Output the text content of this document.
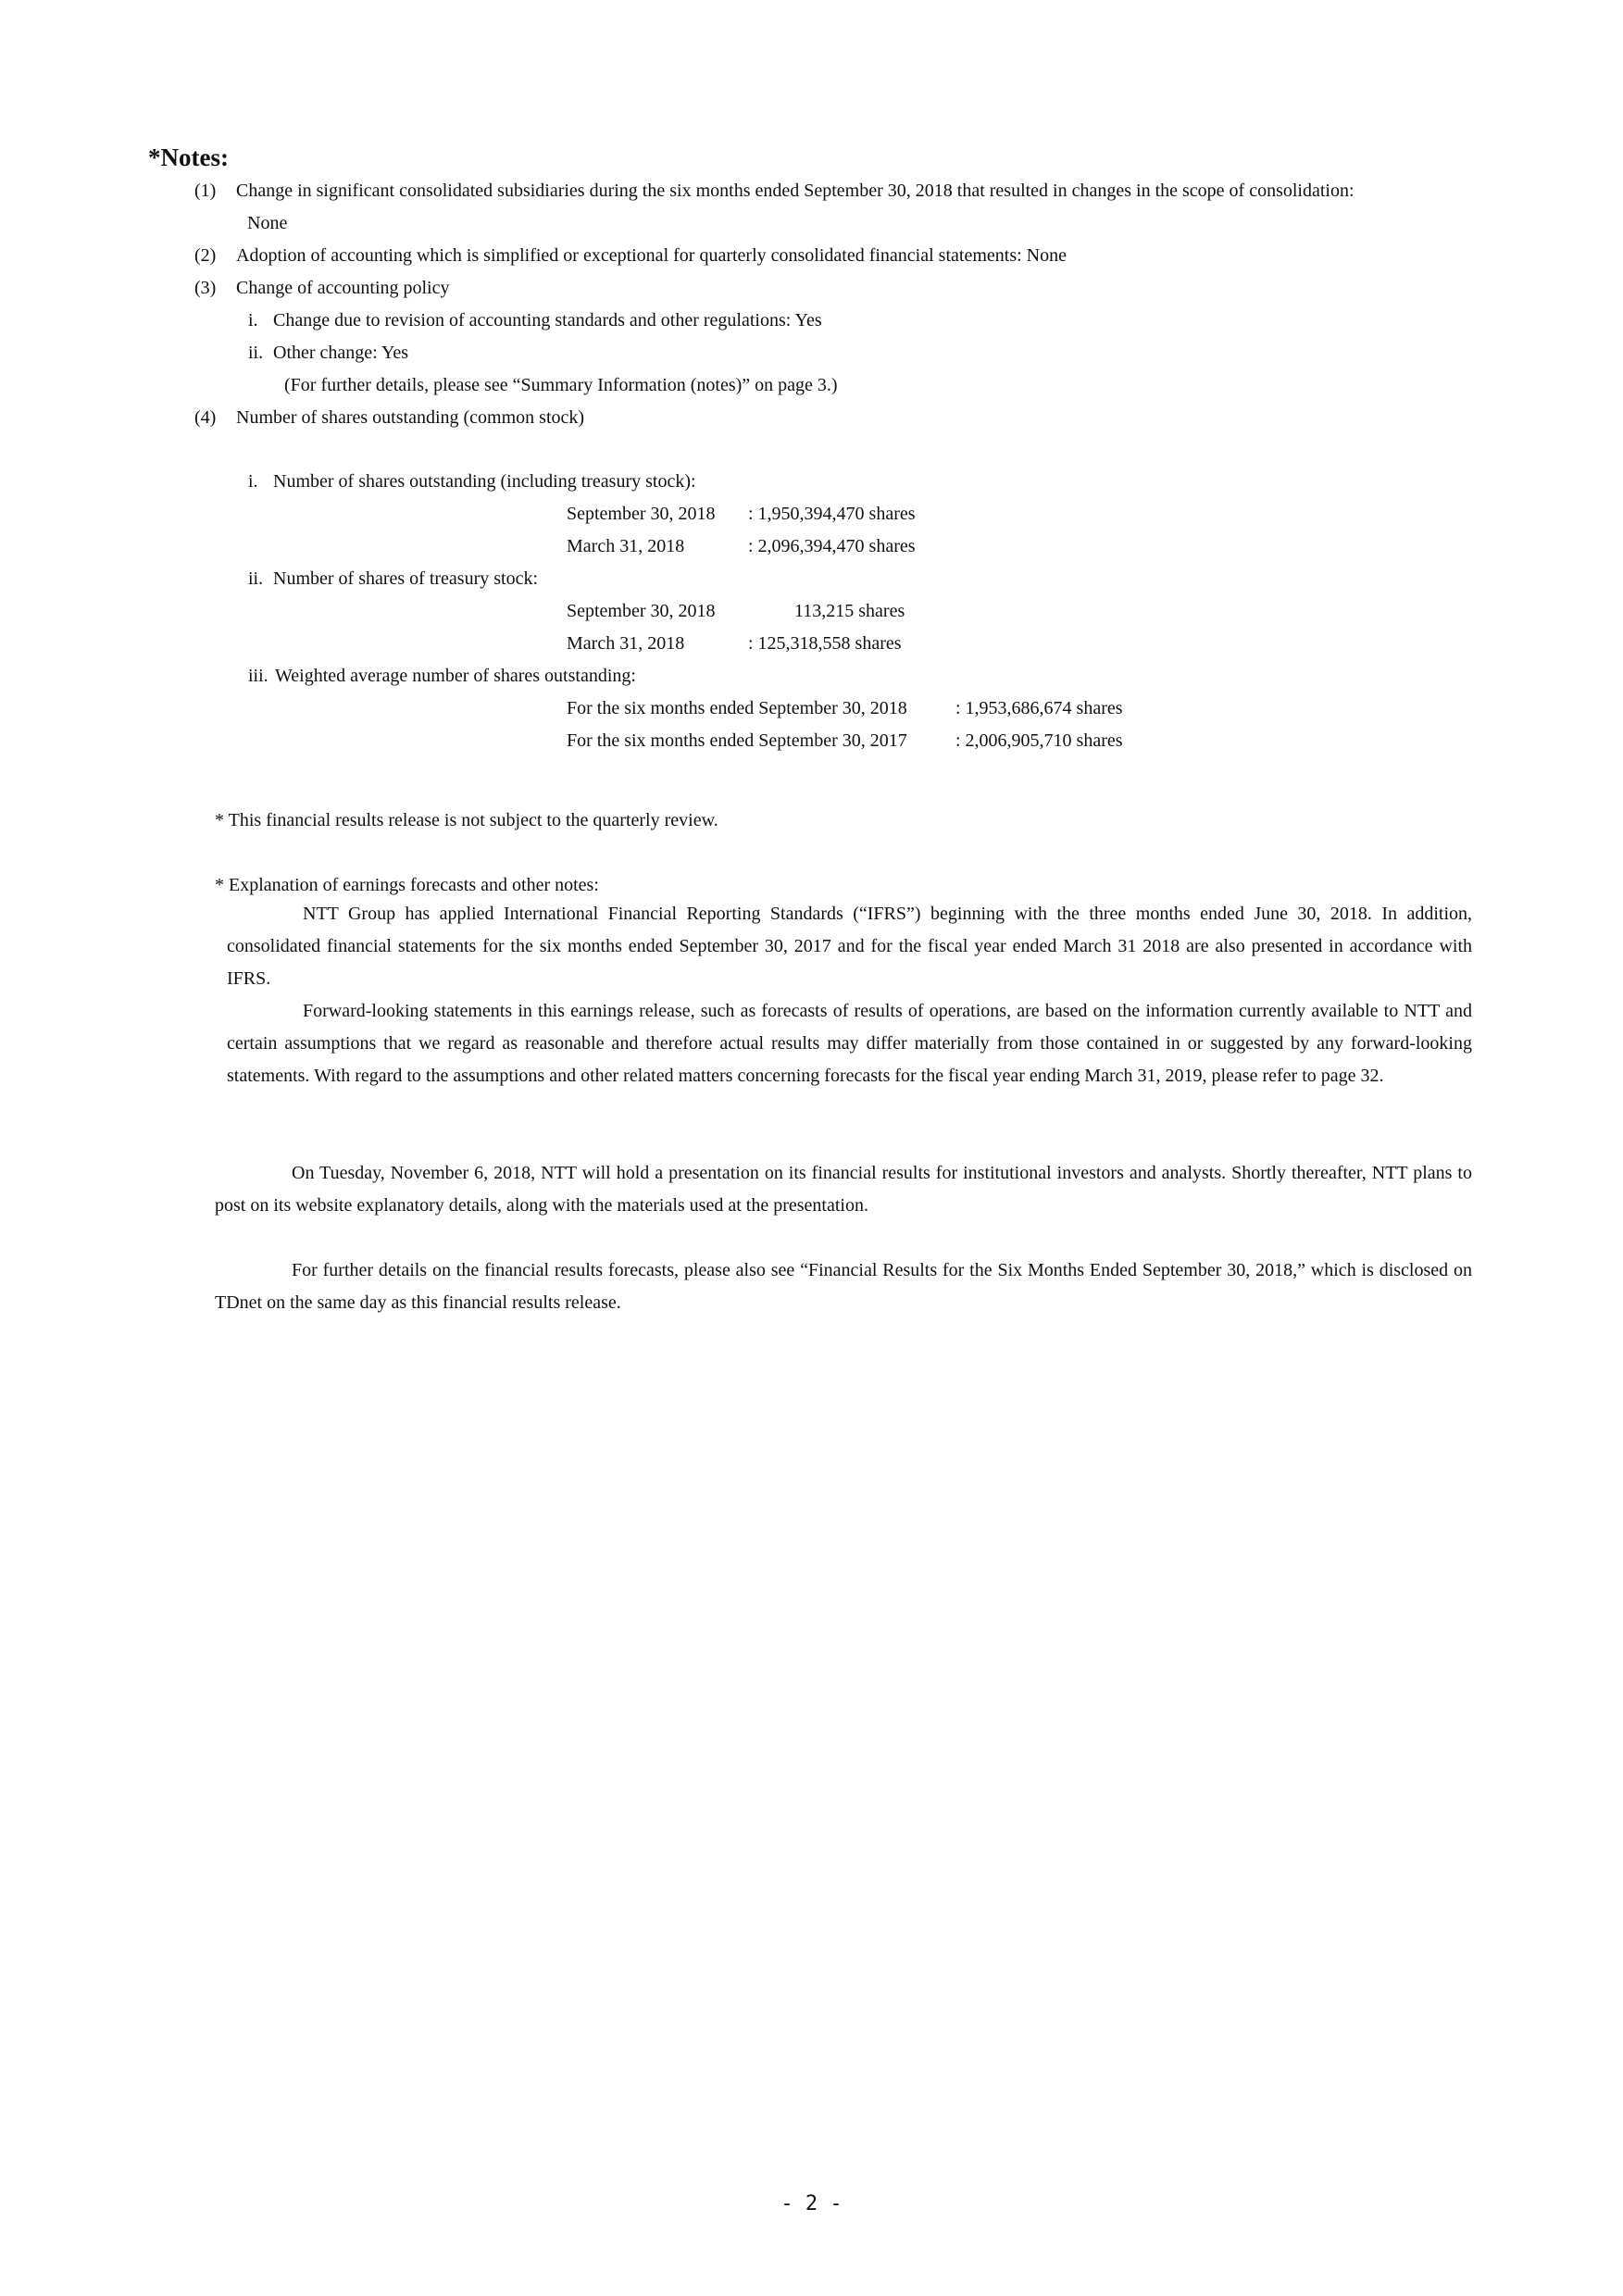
*Notes:
(1) Change in significant consolidated subsidiaries during the six months ended September 30, 2018 that resulted in changes in the scope of consolidation:
None
(2) Adoption of accounting which is simplified or exceptional for quarterly consolidated financial statements: None
(3) Change of accounting policy
i. Change due to revision of accounting standards and other regulations: Yes
ii. Other change: Yes
(For further details, please see “Summary Information (notes)” on page 3.)
(4) Number of shares outstanding (common stock)
i. Number of shares outstanding (including treasury stock):
September 30, 2018 : 1,950,394,470 shares
March 31, 2018	: 2,096,394,470 shares
ii. Number of shares of treasury stock:
September 30, 2018	113,215 shares
March 31, 2018	: 125,318,558 shares
iii. Weighted average number of shares outstanding:
For the six months ended September 30, 2018	: 1,953,686,674 shares
For the six months ended September 30, 2017	: 2,006,905,710 shares
* This financial results release is not subject to the quarterly review.
* Explanation of earnings forecasts and other notes:
NTT Group has applied International Financial Reporting Standards (“IFRS”) beginning with the three months ended June 30, 2018. In addition, consolidated financial statements for the six months ended September 30, 2017 and for the fiscal year ended March 31 2018 are also presented in accordance with IFRS.
Forward-looking statements in this earnings release, such as forecasts of results of operations, are based on the information currently available to NTT and certain assumptions that we regard as reasonable and therefore actual results may differ materially from those contained in or suggested by any forward-looking statements. With regard to the assumptions and other related matters concerning forecasts for the fiscal year ending March 31, 2019, please refer to page 32.
On Tuesday, November 6, 2018, NTT will hold a presentation on its financial results for institutional investors and analysts. Shortly thereafter, NTT plans to post on its website explanatory details, along with the materials used at the presentation.
For further details on the financial results forecasts, please also see “Financial Results for the Six Months Ended September 30, 2018,” which is disclosed on TDnet on the same day as this financial results release.
- 2 -
